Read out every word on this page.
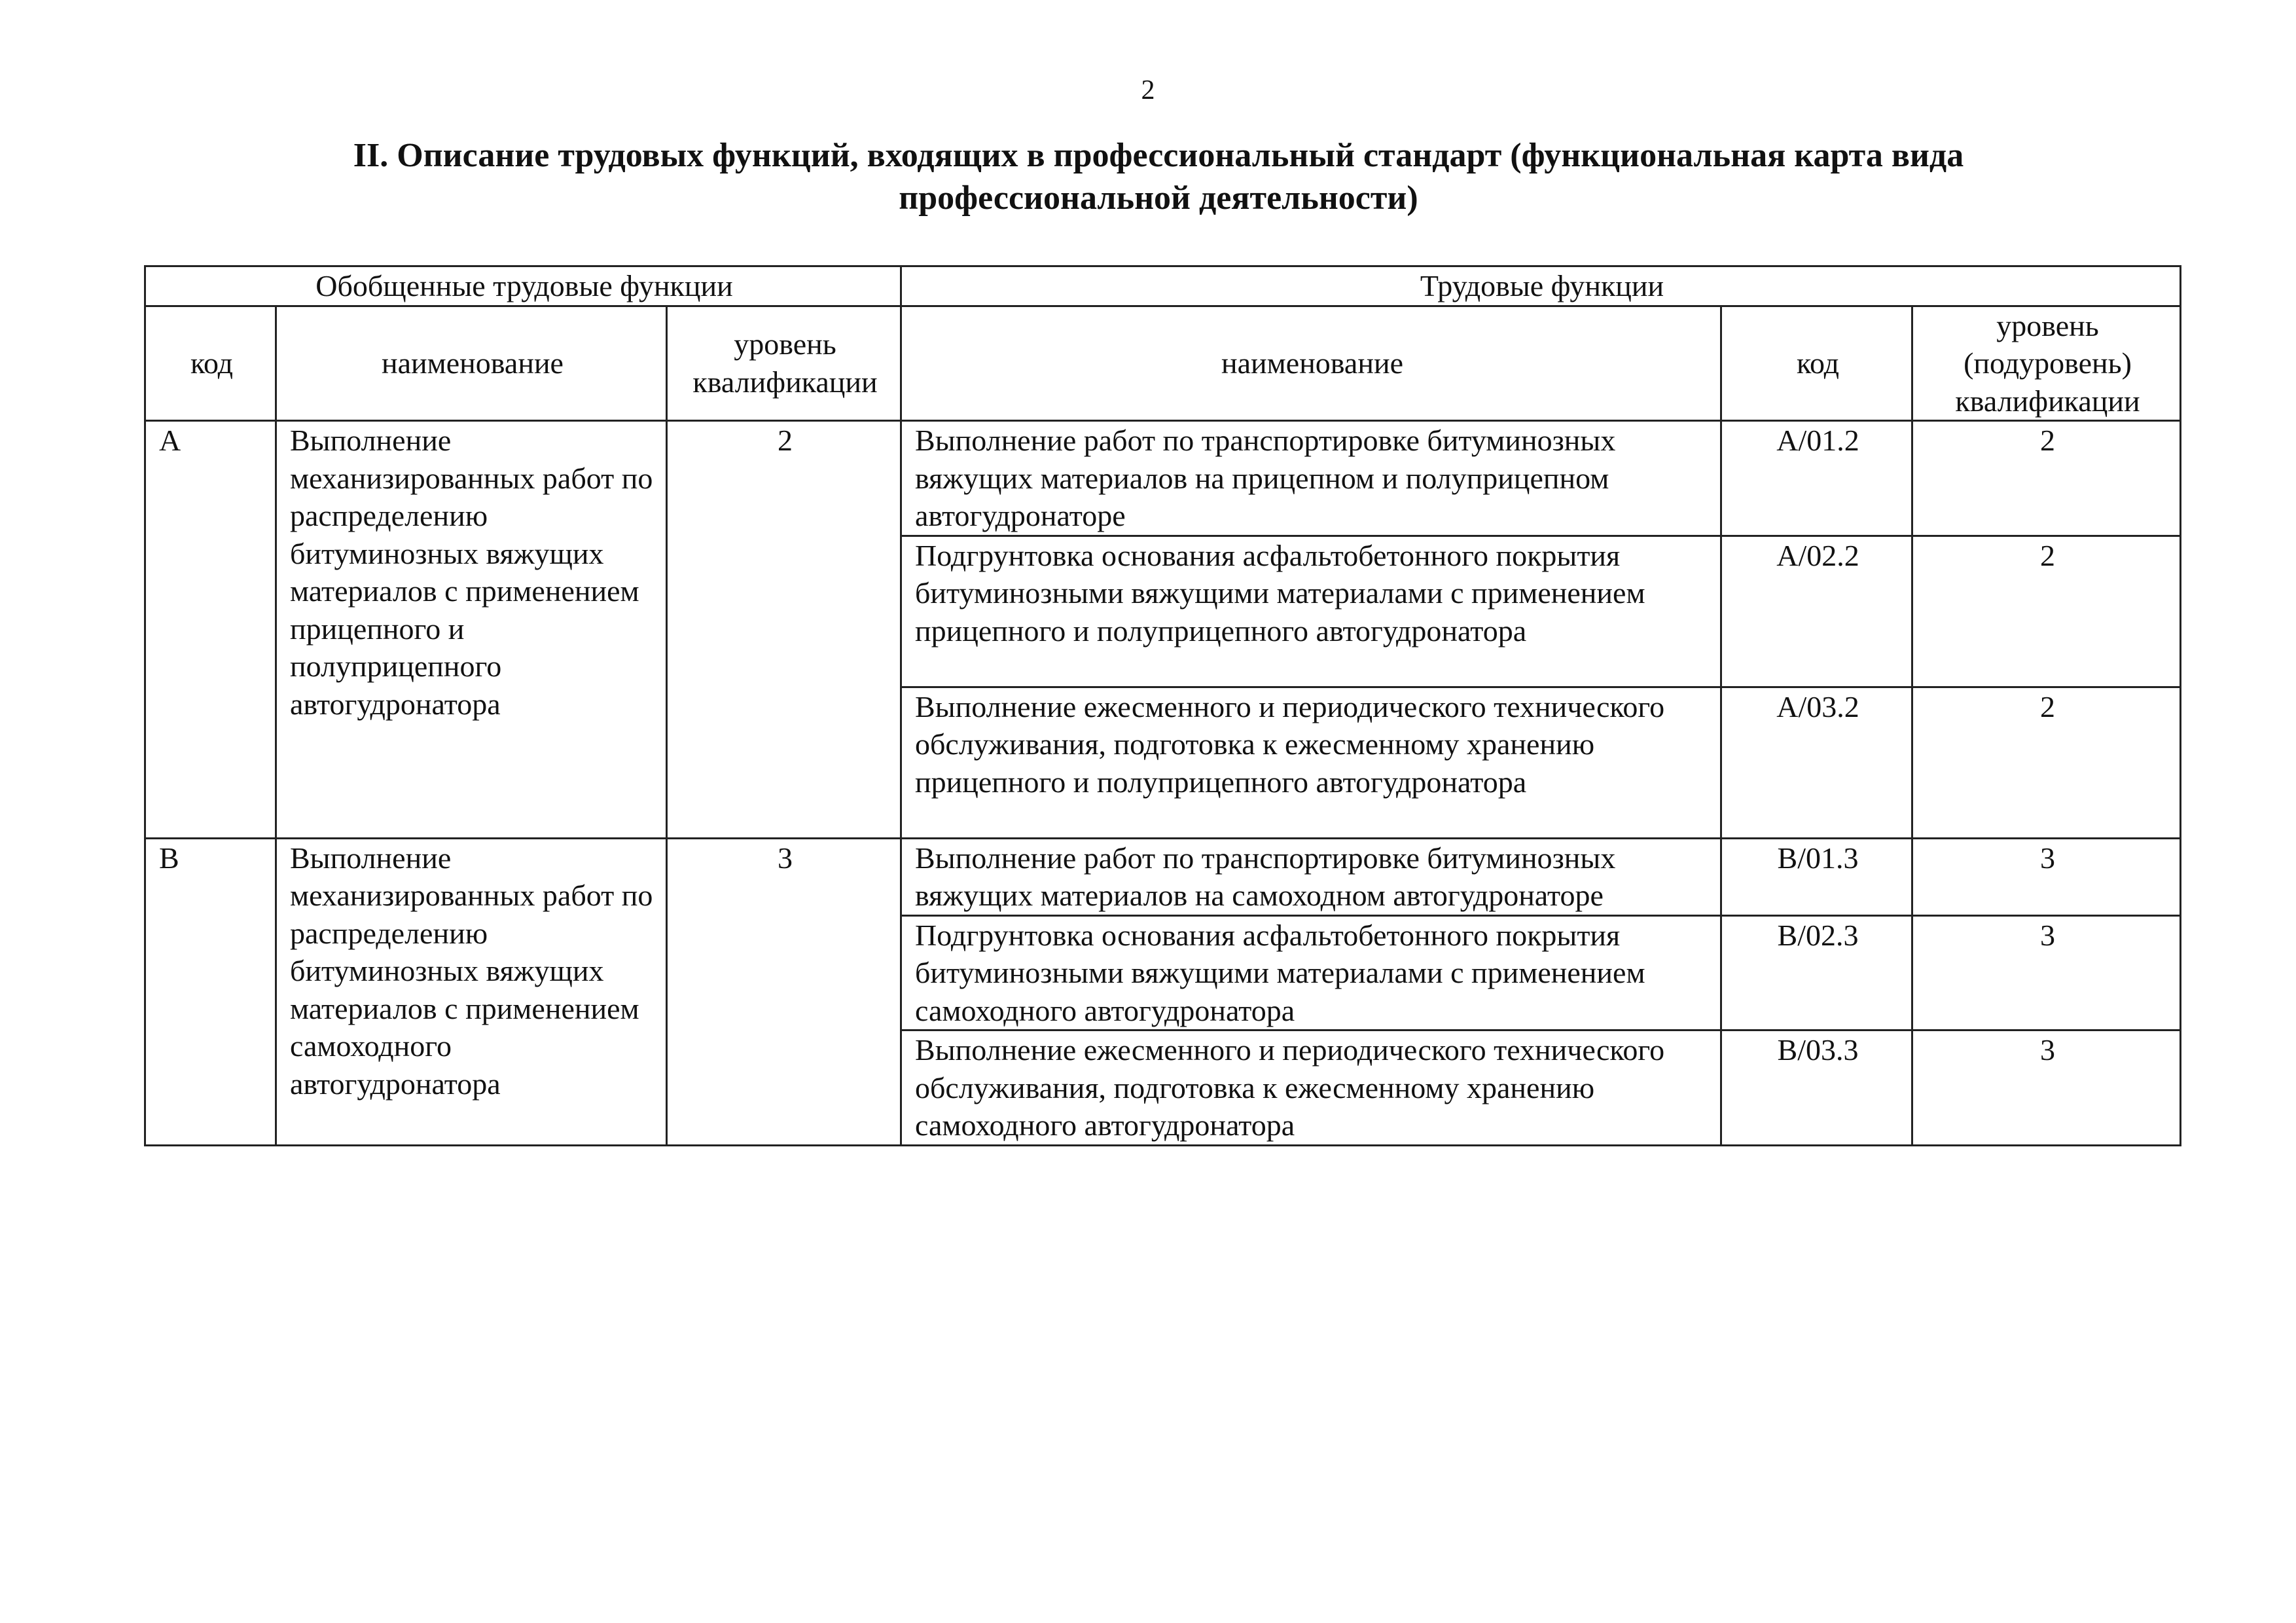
2
II. Описание трудовых функций, входящих в профессиональный стандарт (функциональная карта вида
профессиональной деятельности)
Обобщенные трудовые функции			Трудовые функции		
код	наименование	уровень квалификации	наименование	код	уровень (подуровень) квалификации
A	Выполнение механизированных работ по распределению битуминозных вяжущих материалов с применением прицепного и полуприцепного автогудронатора	2	Выполнение работ по транспортировке битуминозных вяжущих материалов на прицепном и полуприцепном автогудронаторе	A/01.2	2
			Подгрунтовка основания асфальтобетонного покрытия битуминозными вяжущими материалами с применением прицепного и полуприцепного автогудронатора	A/02.2	2
			Выполнение ежесменного и периодического технического обслуживания, подготовка к ежесменному хранению прицепного и полуприцепного автогудронатора	A/03.2	2
B	Выполнение механизированных работ по распределению битуминозных вяжущих материалов с применением самоходного автогудронатора	3	Выполнение работ по транспортировке битуминозных вяжущих материалов на самоходном автогудронаторе	B/01.3	3
			Подгрунтовка основания асфальтобетонного покрытия битуминозными вяжущими материалами с применением самоходного автогудронатора	B/02.3	3
			Выполнение ежесменного и периодического технического обслуживания, подготовка к ежесменному хранению самоходного автогудронатора	B/03.3	3
